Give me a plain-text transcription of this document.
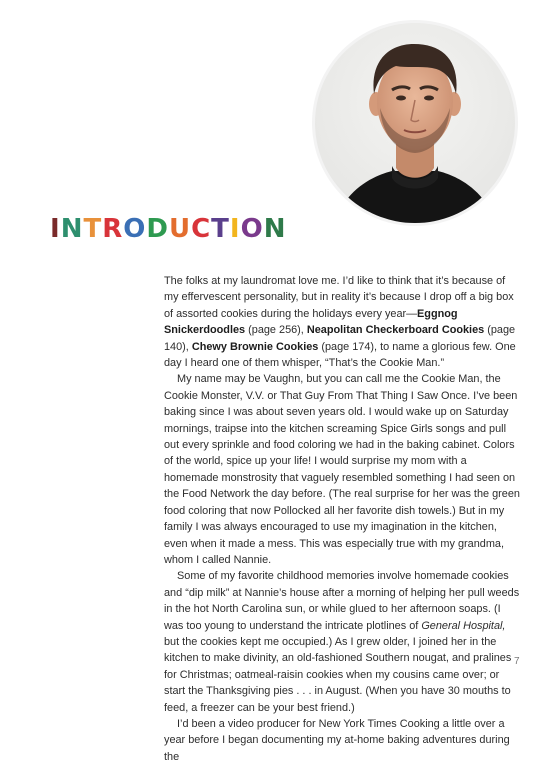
INTRODUCTION

The folks at my laundromat love me. I’d like to think that it’s because of my effervescent personality, but in reality it’s because I drop off a big box of assorted cookies during the holidays every year—Eggnog Snickerdoodles (page 256), Neapolitan Checkerboard Cookies (page 140), Chewy Brownie Cookies (page 174), to name a glorious few. One day I heard one of them whisper, “That’s the Cookie Man.”

My name may be Vaughn, but you can call me the Cookie Man, the Cookie Monster, V.V. or That Guy From That Thing I Saw Once. I’ve been baking since I was about seven years old. I would wake up on Saturday mornings, traipse into the kitchen screaming Spice Girls songs and pull out every sprinkle and food coloring we had in the baking cabinet. Colors of the world, spice up your life! I would surprise my mom with a homemade monstrosity that vaguely resembled something I had seen on the Food Network the day before. (The real surprise for her was the green food coloring that now Pollocked all her favorite dish towels.) But in my family I was always encouraged to use my imagination in the kitchen, even when it made a mess. This was especially true with my grandma, whom I called Nannie.

Some of my favorite childhood memories involve homemade cookies and “dip milk” at Nannie’s house after a morning of helping her pull weeds in the hot North Carolina sun, or while glued to her afternoon soaps. (I was too young to understand the intricate plotlines of General Hospital, but the cookies kept me occupied.) As I grew older, I joined her in the kitchen to make divinity, an old-fashioned Southern nougat, and pralines for Christmas; oatmeal-raisin cookies when my cousins came over; or start the Thanksgiving pies . . . in August. (When you have 30 mouths to feed, a freezer can be your best friend.)

I’d been a video producer for New York Times Cooking a little over a year before I began documenting my at-home baking adventures during the

7
